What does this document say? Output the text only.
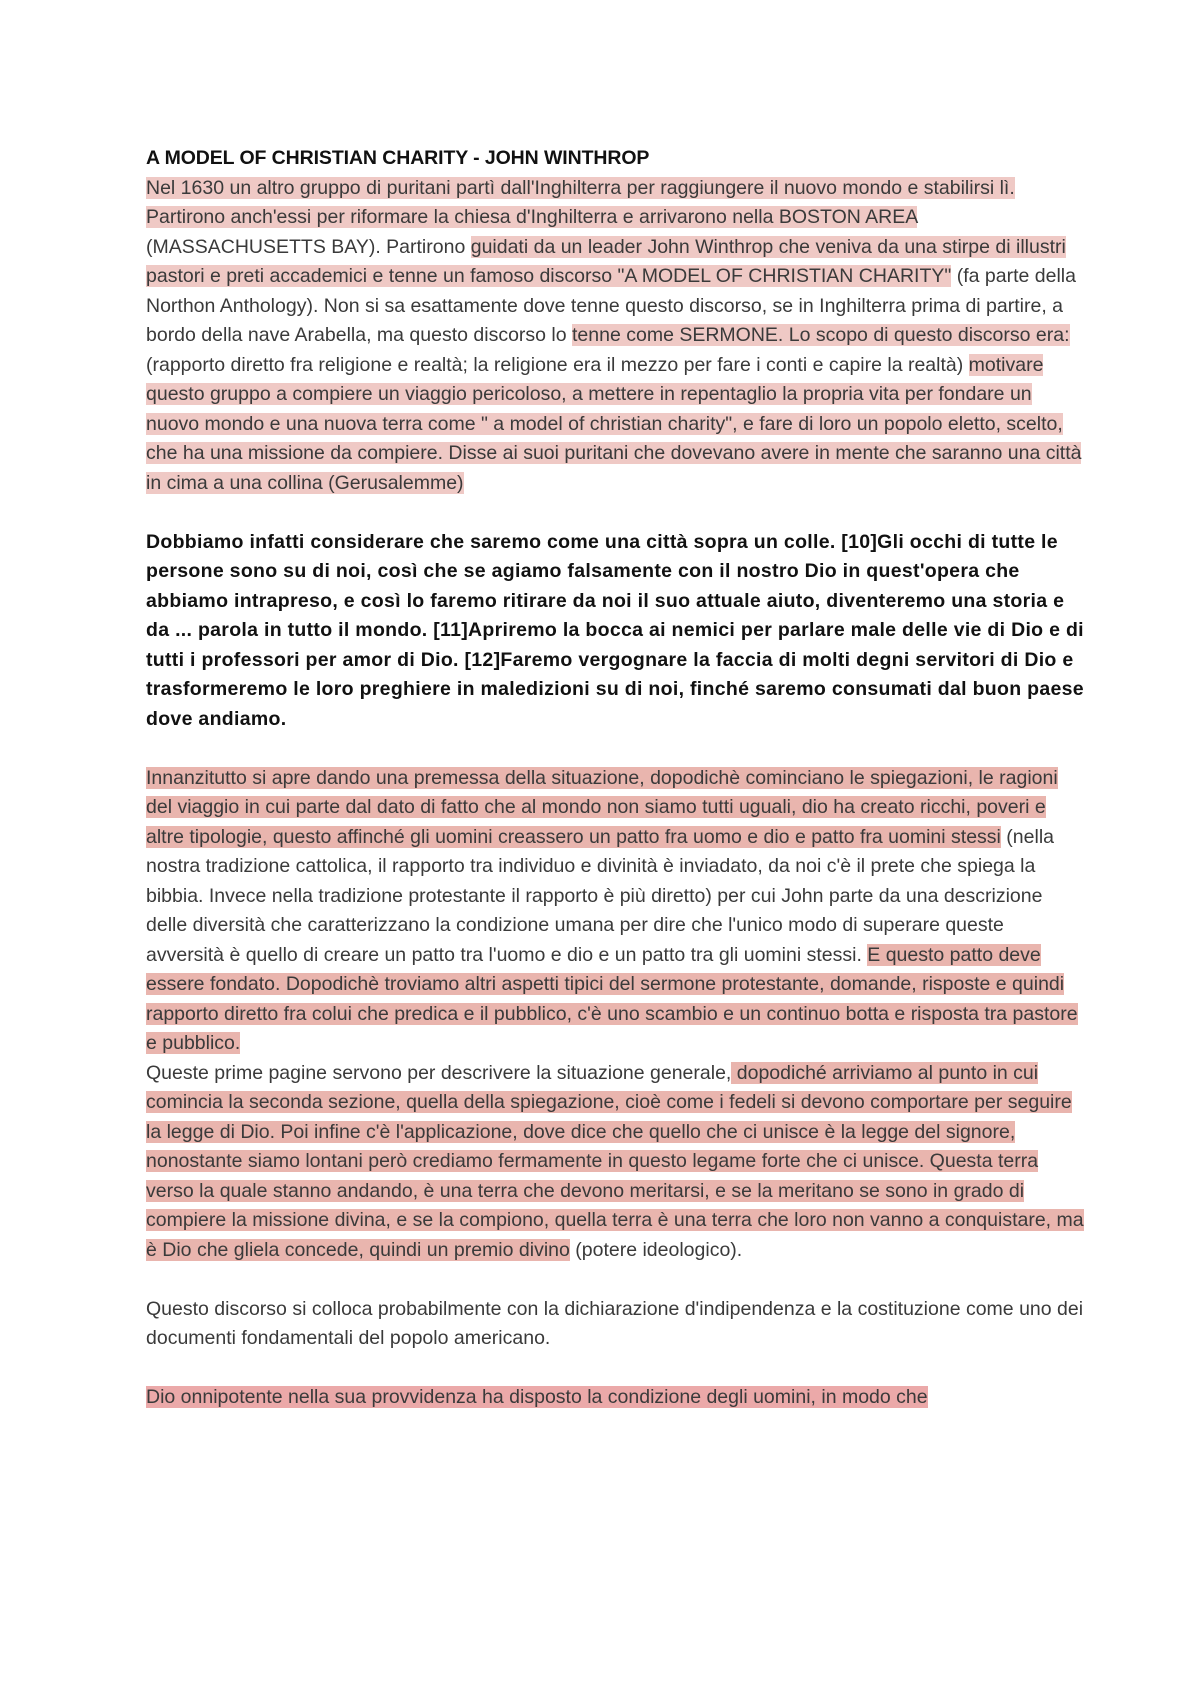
A MODEL OF CHRISTIAN CHARITY - JOHN WINTHROP

Nel 1630 un altro gruppo di puritani partì dall'Inghilterra per raggiungere il nuovo mondo e stabilirsi lì. Partirono anch'essi per riformare la chiesa d'Inghilterra e arrivarono nella BOSTON AREA (MASSACHUSETTS BAY). Partirono guidati da un leader John Winthrop che veniva da una stirpe di illustri pastori e preti accademici e tenne un famoso discorso "A MODEL OF CHRISTIAN CHARITY" (fa parte della Northon Anthology). Non si sa esattamente dove tenne questo discorso, se in Inghilterra prima di partire, a bordo della nave Arabella, ma questo discorso lo tenne come SERMONE. Lo scopo di questo discorso era: (rapporto diretto fra religione e realtà; la religione era il mezzo per fare i conti e capire la realtà) motivare questo gruppo a compiere un viaggio pericoloso, a mettere in repentaglio la propria vita per fondare un nuovo mondo e una nuova terra come " a model of christian charity", e fare di loro un popolo eletto, scelto, che ha una missione da compiere. Disse ai suoi puritani che dovevano avere in mente che saranno una città in cima a una collina (Gerusalemme)

Dobbiamo infatti considerare che saremo come una città sopra un colle. [10]Gli occhi di tutte le persone sono su di noi, così che se agiamo falsamente con il nostro Dio in quest'opera che abbiamo intrapreso, e così lo faremo ritirare da noi il suo attuale aiuto, diventeremo una storia e da ... parola in tutto il mondo. [11]Apriremo la bocca ai nemici per parlare male delle vie di Dio e di tutti i professori per amor di Dio. [12]Faremo vergognare la faccia di molti degni servitori di Dio e trasformeremo le loro preghiere in maledizioni su di noi, finché saremo consumati dal buon paese dove andiamo.

Innanzitutto si apre dando una premessa della situazione, dopodichè cominciano le spiegazioni, le ragioni del viaggio in cui parte dal dato di fatto che al mondo non siamo tutti uguali, dio ha creato ricchi, poveri e altre tipologie, questo affinché gli uomini creassero un patto fra uomo e dio e patto fra uomini stessi (nella nostra tradizione cattolica, il rapporto tra individuo e divinità è inviadato, da noi c'è il prete che spiega la bibbia. Invece nella tradizione protestante il rapporto è più diretto) per cui John parte da una descrizione delle diversità che caratterizzano la condizione umana per dire che l'unico modo di superare queste avversità è quello di creare un patto tra l'uomo e dio e un patto tra gli uomini stessi. E questo patto deve essere fondato. Dopodichè troviamo altri aspetti tipici del sermone protestante, domande, risposte e quindi rapporto diretto fra colui che predica e il pubblico, c'è uno scambio e un continuo botta e risposta tra pastore e pubblico.

Queste prime pagine servono per descrivere la situazione generale, dopodiché arriviamo al punto in cui comincia la seconda sezione, quella della spiegazione, cioè come i fedeli si devono comportare per seguire la legge di Dio. Poi infine c'è l'applicazione, dove dice che quello che ci unisce è la legge del signore, nonostante siamo lontani però crediamo fermamente in questo legame forte che ci unisce. Questa terra verso la quale stanno andando, è una terra che devono meritarsi, e se la meritano se sono in grado di compiere la missione divina, e se la compiono, quella terra è una terra che loro non vanno a conquistare, ma è Dio che gliela concede, quindi un premio divino (potere ideologico).

Questo discorso si colloca probabilmente con la dichiarazione d'indipendenza e la costituzione come uno dei documenti fondamentali del popolo americano.

Dio onnipotente nella sua provvidenza ha disposto la condizione degli uomini, in modo che
